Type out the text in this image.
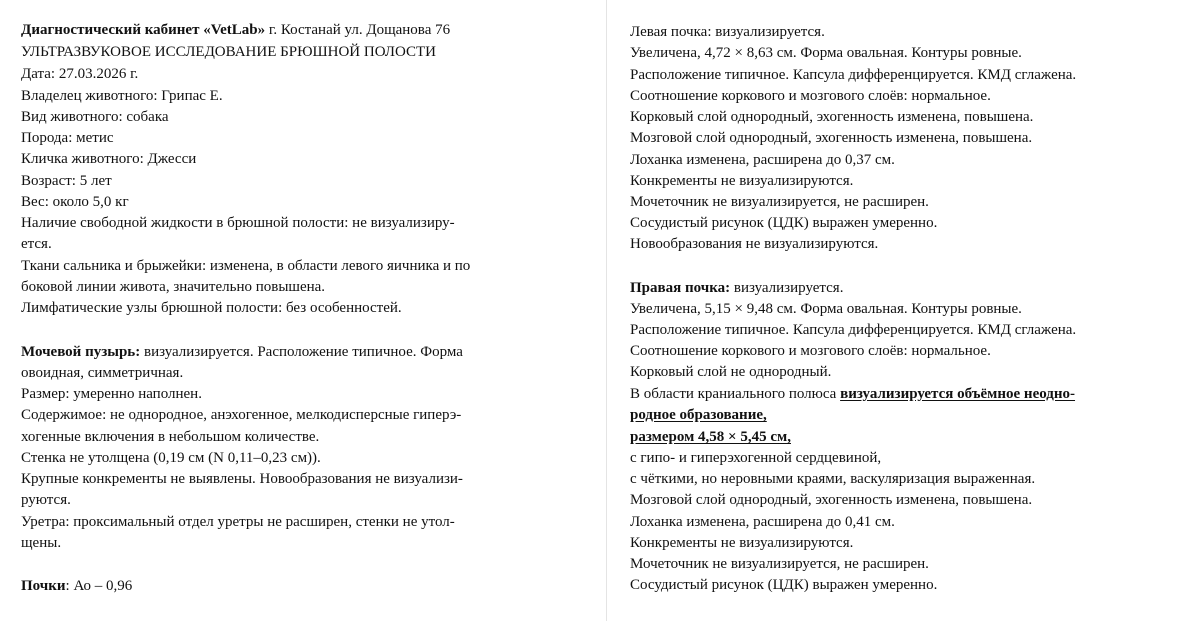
Диагностический кабинет «VetLab» г. Костанай ул. Дощанова 76
УЛЬТРАЗВУКОВОЕ ИССЛЕДОВАНИЕ БРЮШНОЙ ПОЛОСТИ
Дата: 27.03.2026 г.
Владелец животного: Грипас Е.
Вид животного: собака
Порода: метис
Кличка животного: Джесси
Возраст: 5 лет
Вес: около 5,0 кг
Наличие свободной жидкости в брюшной полости: не визуализиру-
ется.
Ткани сальника и брыжейки: изменена, в области левого яичника и по
боковой линии живота, значительно повышена.
Лимфатические узлы брюшной полости: без особенностей.
Мочевой пузырь: визуализируется. Расположение типичное. Форма
овоидная, симметричная.
Размер: умеренно наполнен.
Содержимое: не однородное, анэхогенное, мелкодисперсные гиперэ-
хогенные включения в небольшом количестве.
Стенка не утолщена (0,19 см (N 0,11–0,23 см)).
Крупные конкременты не выявлены. Новообразования не визуализи-
руются.
Уретра: проксимальный отдел уретры не расширен, стенки не утол-
щены.
Почки: Ао – 0,96
Левая почка: визуализируется.
Увеличена, 4,72 × 8,63 см. Форма овальная. Контуры ровные.
Расположение типичное. Капсула дифференцируется. КМД сглажена.
Соотношение коркового и мозгового слоёв: нормальное.
Корковый слой однородный, эхогенность изменена, повышена.
Мозговой слой однородный, эхогенность изменена, повышена.
Лоханка изменена, расширена до 0,37 см.
Конкременты не визуализируются.
Мочеточник не визуализируется, не расширен.
Сосудистый рисунок (ЦДК) выражен умеренно.
Новообразования не визуализируются.
Правая почка: визуализируется.
Увеличена, 5,15 × 9,48 см. Форма овальная. Контуры ровные.
Расположение типичное. Капсула дифференцируется. КМД сглажена.
Соотношение коркового и мозгового слоёв: нормальное.
Корковый слой не однородный.
В области краниального полюса визуализируется объёмное неодно-
родное образование,
размером 4,58 × 5,45 см,
с гипо- и гиперэхогенной сердцевиной,
с чёткими, но неровными краями, васкуляризация выраженная.
Мозговой слой однородный, эхогенность изменена, повышена.
Лоханка изменена, расширена до 0,41 см.
Конкременты не визуализируются.
Мочеточник не визуализируется, не расширен.
Сосудистый рисунок (ЦДК) выражен умеренно.
